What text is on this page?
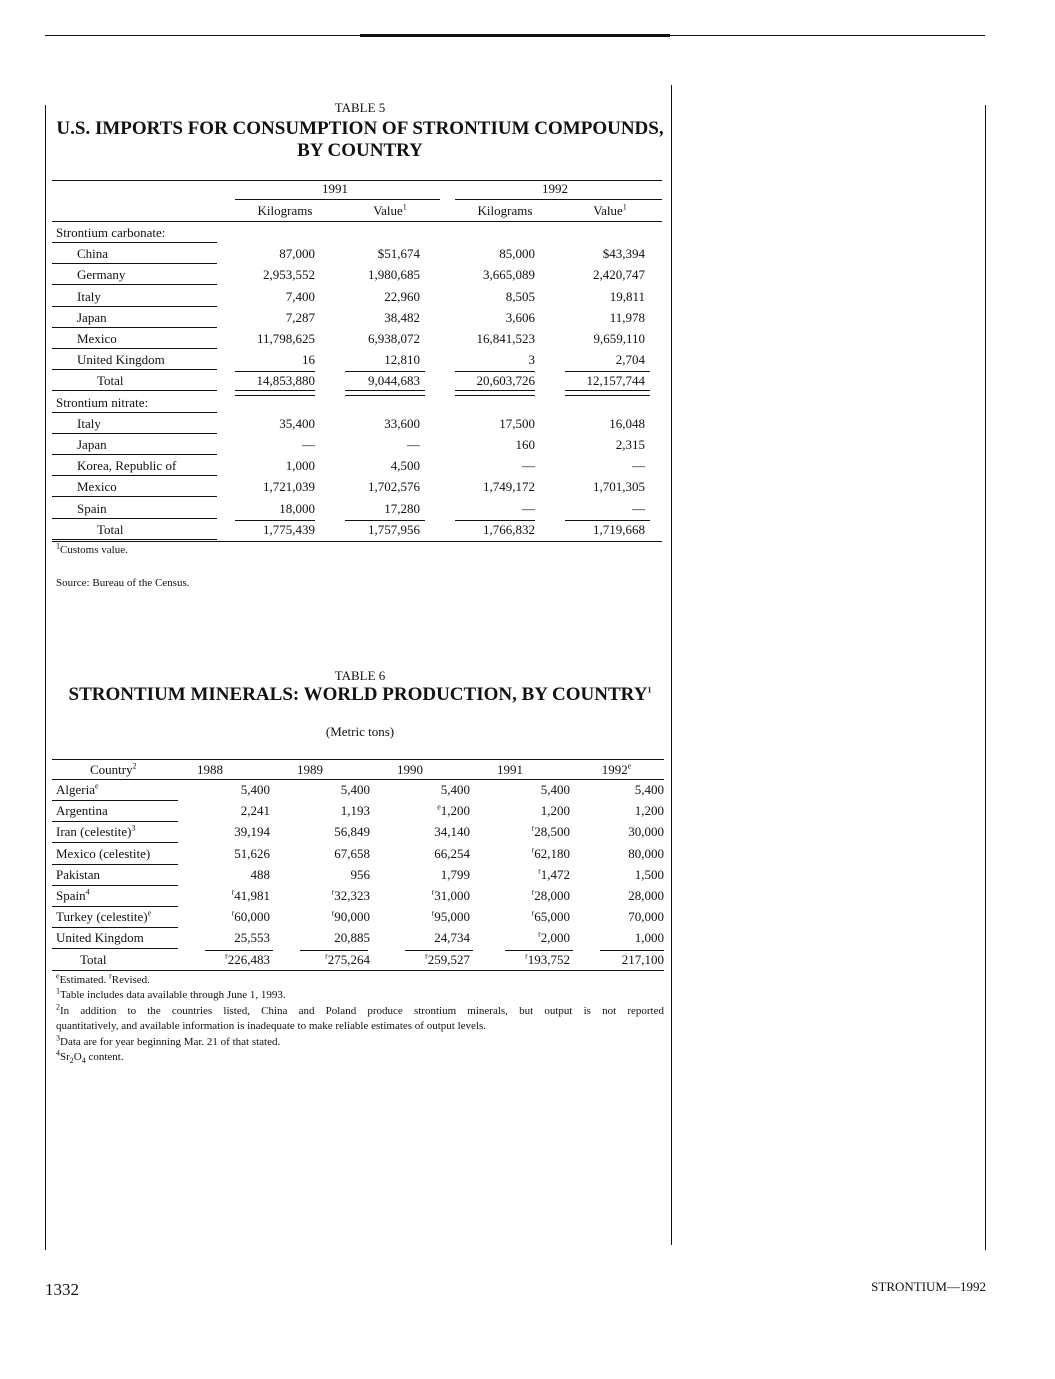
TABLE 5
U.S. IMPORTS FOR CONSUMPTION OF STRONTIUM COMPOUNDS,
BY COUNTRY
1991	1992
Kilograms	Value$^1$	Kilograms	Value$^1$
Strontium carbonate:
China	87,000	$51,674	85,000	$43,394
Germany	2,953,552	1,980,685	3,665,089	2,420,747
Italy	7,400	22,960	8,505	19,811
Japan	7,287	38,482	3,606	11,978
Mexico	11,798,625	6,938,072	16,841,523	9,659,110
United Kingdom	16	12,810	3	2,704
Total	14,853,880	9,044,683	20,603,726	12,157,744
Strontium nitrate:
Italy	35,400	33,600	17,500	16,048
Japan	—	—	160	2,315
Korea, Republic of	1,000	4,500	—	—
Mexico	1,721,039	1,702,576	1,749,172	1,701,305
Spain	18,000	17,280	—	—
Total	1,775,439	1,757,956	1,766,832	1,719,668
$^1$Customs value.
Source: Bureau of the Census.
TABLE 6
STRONTIUM MINERALS: WORLD PRODUCTION, BY COUNTRY$^1$
(Metric tons)
Country$^2$	1988	1989	1990	1991	1992e
Algeria$^e$	5,400	5,400	5,400	5,400	5,400
Argentina	2,241	1,193	$^e$1,200	1,200	1,200
Iran (celestite)$^3$	39,194	56,849	34,140	$^r$28,500	30,000
Mexico (celestite)	51,626	67,658	66,254	$^r$62,180	80,000
Pakistan	488	956	1,799	$^r$1,472	1,500
Spain$^4$	$^r$41,981	$^r$32,323	$^r$31,000	$^r$28,000	28,000
Turkey (celestite)$^e$	$^r$60,000	$^r$90,000	$^r$95,000	$^r$65,000	70,000
United Kingdom	25,553	20,885	24,734	$^r$2,000	1,000
Total	$^r$226,483	$^r$275,264	$^r$259,527	$^r$193,752	217,100
$^e$Estimated. $^r$Revised.
$^1$Table includes data available through June 1, 1993.
$^2$In addition to the countries listed, China and Poland produce strontium minerals, but output is not reported
quantitatively, and available information is inadequate to make reliable estimates of output levels.
$^3$Data are for year beginning Mar. 21 of that stated.
$^4Sr_2O_4$ content.
1332	STRONTIUM—1992
